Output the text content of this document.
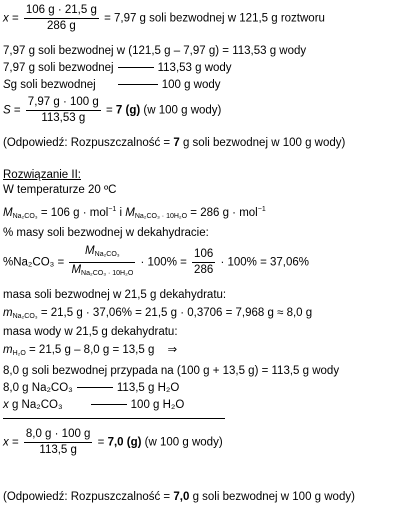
$x = \frac{106 g \cdot 21,5 g}{286 g} = 7,97$ g soli bezwodnej w 121,5 g roztworu
7,97 g soli bezwodnej w (121,5 g – 7,97 g) = 113,53 g wody
7,97 g soli bezwodnej	113,53 g wody
Sg soli bezwodnej	100 g wody
$S = \frac{7,97 g \cdot 100 g}{113,53 g} = 7$ (g) (w 100 g wody)
(Odpowiedź: Rozpuszczalność = 7 g soli bezwodnej w 100 g wody)
Rozwiązanie II:
W temperaturze 20 ºC
$M_{Na_2CO_3} = 106$ g · mol$^{-1}$ i $M_{Na_2CO_3 \cdot 10H_2O} = 286$ g · mol$^{-1}$
% masy soli bezwodnej w dekahydracie:
$\%Na_2CO_3 = \frac{M_{Na_2CO_3}}{M_{Na_2CO_3 \cdot 10H_2O}} \cdot 100\% = \frac{106}{286} \cdot 100\% = 37,06\%$
masa soli bezwodnej w 21,5 g dekahydratu:
$m_{Na_2CO_3} = 21,5$ g · 37,06% = 21,5 g · 0,3706 = 7,968 g ≈ 8,0 g
masa wody w 21,5 g dekahydratu:
$m_{H_2O} = 21,5$ g – 8,0 g = 13,5 g ⇒
8,0 g soli bezwodnej przypada na (100 g + 13,5 g) = 113,5 g wody
8,0 g Na₂CO₃	113,5 g H₂O
x g Na₂CO₃	100 g H₂O
$x = \frac{8,0 g \cdot 100 g}{113,5 g} = 7,0$ (g) (w 100 g wody)
(Odpowiedź: Rozpuszczalność = 7,0 g soli bezwodnej w 100 g wody)
